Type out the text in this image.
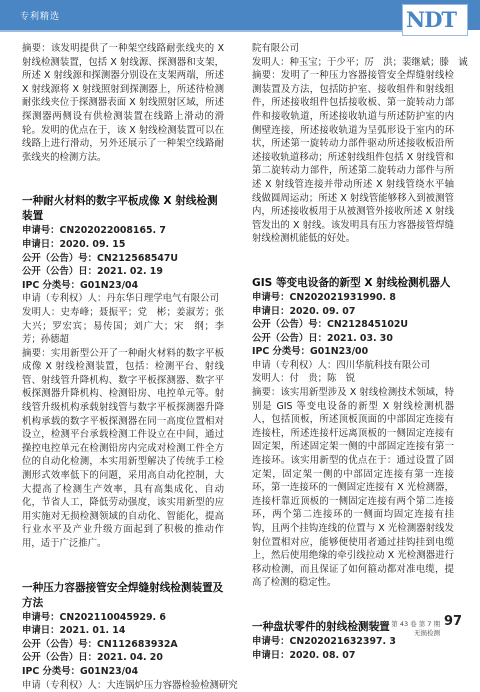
专利精选	NDT
摘要：该发明提供了一种架空线路耐张线夹的 X 射线检测装置，包括 X 射线源、探测器和支架，所述 X 射线源和探测器分别设在支架两端，所述 X 射线源将 X 射线照射到探测器上，所述待检测耐张线夹位于探测器表面 X 射线照射区域，所述探测器两侧设有供检测装置在线路上滑动的滑轮。发明的优点在于，该 X 射线检测装置可以在线路上进行滑动，另外还展示了一种架空线路耐张线夹的检测方法。
一种耐火材料的数字平板成像 X 射线检测装置
申请号：CN202022008165. 7
申请日：2020. 09. 15
公开（公告）号：CN212568547U
公开（公告）日：2021. 02. 19
IPC 分类号：G01N23/04
申请（专利权）人：丹东华日理学电气有限公司
发明人：史寿峰；聂振平；党　彬；姜淑芳；张大兴；罗宏宾；易传国；刘广大；宋　纲；李　芳；孙德超
摘要：实用新型公开了一种耐火材料的数字平板成像 X 射线检测装置，包括：检测平台、射线管、射线管升降机构、数字平板探测器、数字平板探测器升降机构、检测铅房、电控单元等。射线管升级机构承载射线管与数字平板探测器升降机构承载的数字平板探测器在同一高度位置相对设立，检测平台承载检测工件设立在中间，通过操控电控单元在检测铅房内完成对检测工件全方位的自动化检测，本实用新型解决了传统手工检测形式效率低下的问题，采用高自动化控制，大大提高了检测生产效率，具有高集成化、自动化，节省人工，降低劳动强度，该实用新型的应用实施对无损检测领域的自动化、智能化，提高行业水平及产业升级方面起到了积极的推动作用，适于广泛推广。
一种压力容器接管安全焊缝射线检测装置及方法
申请号：CN202110045929. 6
申请日：2021. 01. 14
公开（公告）号：CN112683932A
公开（公告）日：2021. 04. 20
IPC 分类号：G01N23/04
申请（专利权）人：大连锅炉压力容器检验检测研究
院有限公司
发明人：种玉宝；于少平；厉　洪；裴继斌；滕　诚
摘要：发明了一种压力容器接管安全焊缝射线检测装置及方法，包括防护室、接收组件和射线组件，所述接收组件包括接收板、第一旋转动力部件和接收轨道，所述接收轨道与所述防护室的内侧壁连接，所述接收轨道为呈弧形设于室内的环状，所述第一旋转动力部件驱动所述接收板沿所述接收轨道移动；所述射线组件包括 X 射线管和第二旋转动力部件，所述第二旋转动力部件与所述 X 射线管连接并带动所述 X 射线管绕水平轴线做圆周运动；所述 X 射线管能够移入到被测管内，所述接收板用于从被测管外接收所述 X 射线管发出的 X 射线。该发明具有压力容器接管焊缝射线检测机能低的好处。
GIS 等变电设备的新型 X 射线检测机器人
申请号：CN202021931990. 8
申请日：2020. 09. 07
公开（公告）号：CN212845102U
公开（公告）日：2021. 03. 30
IPC 分类号：G01N23/00
申请（专利权）人：四川华航科技有限公司
发明人：付　贵；陈　锐
摘要：该实用新型涉及 X 射线检测技术领域，特别是 GIS 等变电设备的新型 X 射线检测机器人，包括顶板，所述顶板顶面的中部固定连接有连接柱，所述连接杆远离顶板的一侧固定连接有固定架，所述固定架一侧的中部固定连接有第一连接环。该实用新型的优点在于：通过设置了固定架，固定架一侧的中部固定连接有第一连接环，第一连接环的一侧固定连接有 X 光检测器，连接杆靠近顶板的一侧固定连接有两个第二连接环，两个第二连接环的一侧面均固定连接有挂钩，且两个挂钩连线的位置与 X 光检测器射线发射位置相对应，能够便使用者通过挂钩挂到电缆上，然后使用绝缘的牵引线拉动 X 光检测器进行移动检测，而且保证了如何箍动都对准电缆，提高了检测的稳定性。
一种盘状零件的射线检测装置
申请号：CN202021632397. 3
申请日：2020. 08. 07
2021 年 第 43 卷 第 7 期
无损检测
97
